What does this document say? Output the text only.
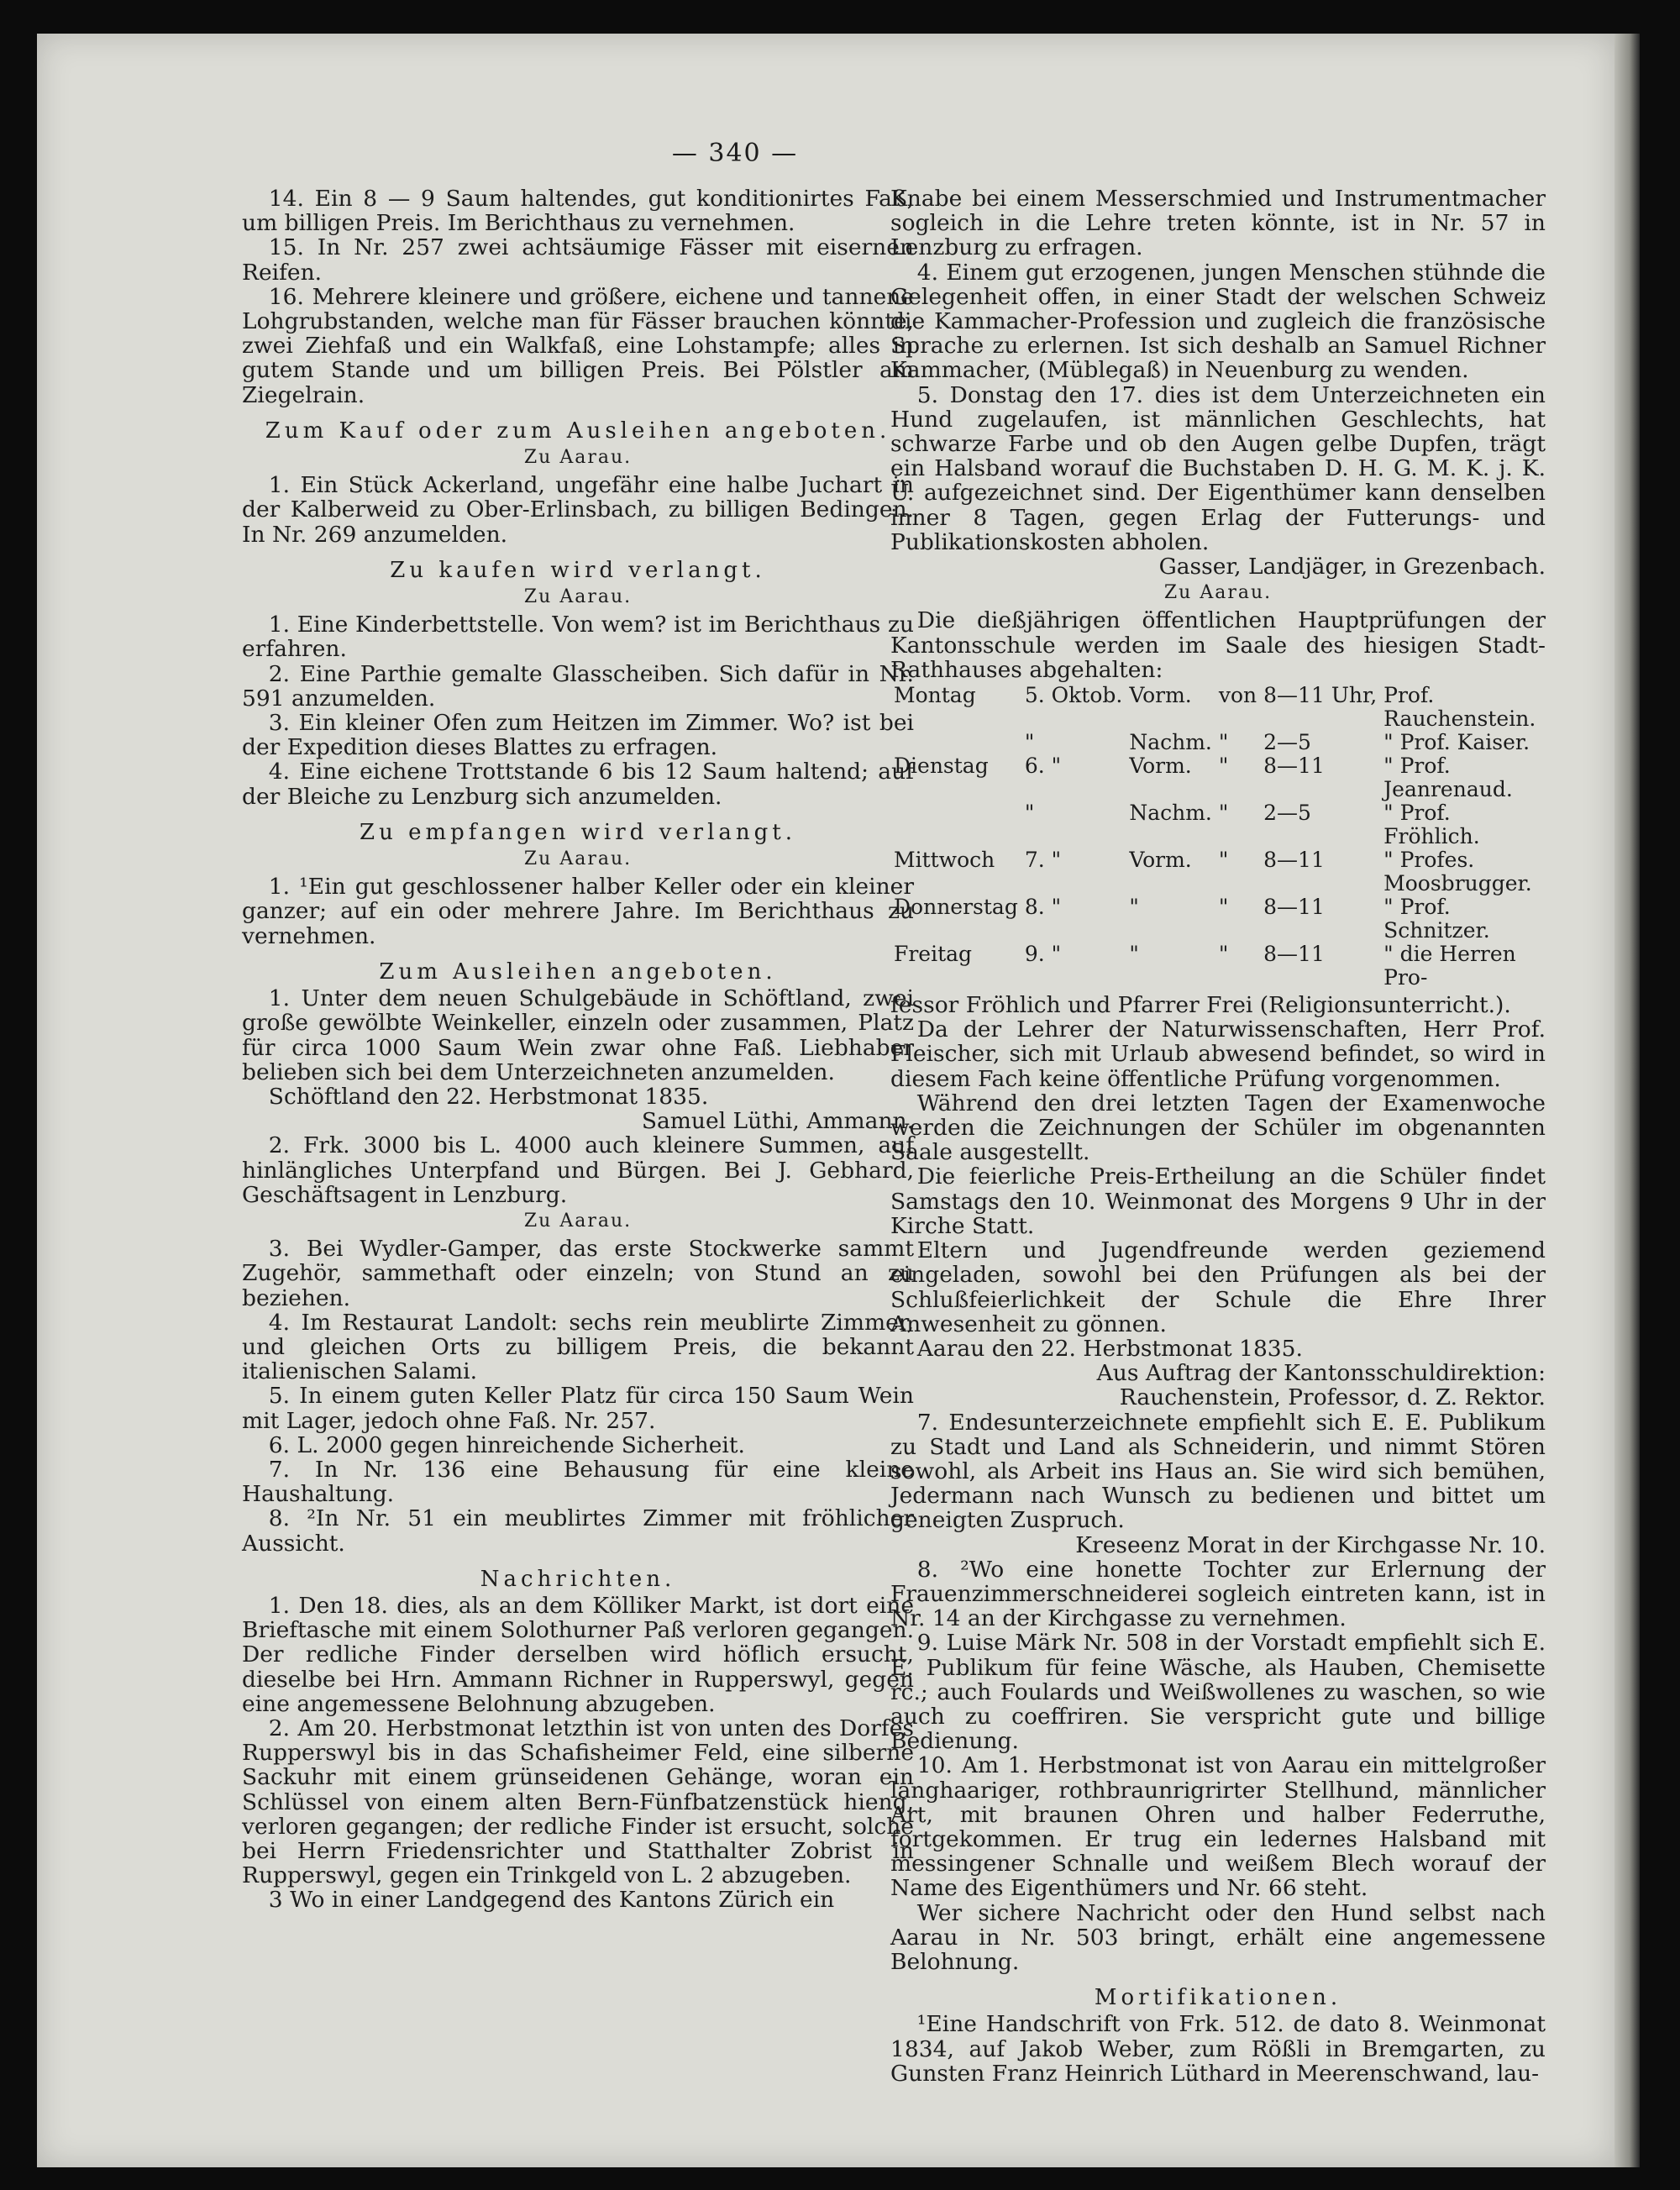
— 340 —

14. Ein 8 — 9 Saum haltendes, gut konditionirtes Faß, um billigen Preis. Im Berichthaus zu vernehmen.

15. In Nr. 257 zwei achtsäumige Fässer mit eisernen Reifen.

16. Mehrere kleinere und größere, eichene und tannene Lohgrubstanden, welche man für Fässer brauchen könnte, zwei Ziehfaß und ein Walkfaß, eine Lohstampfe; alles in gutem Stande und um billigen Preis. Bei Pölstler am Ziegelrain.

Zum Kauf oder zum Ausleihen angeboten.
Zu Aarau.

1. Ein Stück Ackerland, ungefähr eine halbe Juchart in der Kalberweid zu Ober-Erlinsbach, zu billigen Bedingen. In Nr. 269 anzumelden.

Zu kaufen wird verlangt.
Zu Aarau.

1. Eine Kinderbettstelle. Von wem? ist im Berichthaus zu erfahren.

2. Eine Parthie gemalte Glasscheiben. Sich dafür in Nr. 591 anzumelden.

3. Ein kleiner Ofen zum Heitzen im Zimmer. Wo? ist bei der Expedition dieses Blattes zu erfragen.

4. Eine eichene Trottstande 6 bis 12 Saum haltend; auf der Bleiche zu Lenzburg sich anzumelden.

Zu empfangen wird verlangt.
Zu Aarau.

1. ¹Ein gut geschlossener halber Keller oder ein kleiner ganzer; auf ein oder mehrere Jahre. Im Berichthaus zu vernehmen.

Zum Ausleihen angeboten.

1. Unter dem neuen Schulgebäude in Schöftland, zwei große gewölbte Weinkeller, einzeln oder zusammen, Platz für circa 1000 Saum Wein zwar ohne Faß. Liebhaber belieben sich bei dem Unterzeichneten anzumelden.

Schöftland den 22. Herbstmonat 1835.

Samuel Lüthi, Ammann.

2. Frk. 3000 bis L. 4000 auch kleinere Summen, auf hinlängliches Unterpfand und Bürgen. Bei J. Gebhard, Geschäftsagent in Lenzburg.

Zu Aarau.

3. Bei Wydler-Gamper, das erste Stockwerke sammt Zugehör, sammethaft oder einzeln; von Stund an zu beziehen.

4. Im Restaurat Landolt: sechs rein meublirte Zimmer, und gleichen Orts zu billigem Preis, die bekannt italienischen Salami.

5. In einem guten Keller Platz für circa 150 Saum Wein mit Lager, jedoch ohne Faß. Nr. 257.

6. L. 2000 gegen hinreichende Sicherheit.

7. In Nr. 136 eine Behausung für eine kleine Haushaltung.

8. ²In Nr. 51 ein meublirtes Zimmer mit fröhlicher Aussicht.

Nachrichten.

1. Den 18. dies, als an dem Kölliker Markt, ist dort eine Brieftasche mit einem Solothurner Paß verloren gegangen. Der redliche Finder derselben wird höflich ersucht, dieselbe bei Hrn. Ammann Richner in Rupperswyl, gegen eine angemessene Belohnung abzugeben.

2. Am 20. Herbstmonat letzthin ist von unten des Dorfes Rupperswyl bis in das Schafisheimer Feld, eine silberne Sackuhr mit einem grünseidenen Gehänge, woran ein Schlüssel von einem alten Bern-Fünfbatzenstück hieng, verloren gegangen; der redliche Finder ist ersucht, solche bei Herrn Friedensrichter und Statthalter Zobrist in Rupperswyl, gegen ein Trinkgeld von L. 2 abzugeben.

3 Wo in einer Landgegend des Kantons Zürich ein

Knabe bei einem Messerschmied und Instrumentmacher sogleich in die Lehre treten könnte, ist in Nr. 57 in Lenzburg zu erfragen.

4. Einem gut erzogenen, jungen Menschen stühnde die Gelegenheit offen, in einer Stadt der welschen Schweiz die Kammacher-Profession und zugleich die französische Sprache zu erlernen. Ist sich deshalb an Samuel Richner Kammacher, (Müblegaß) in Neuenburg zu wenden.

5. Donstag den 17. dies ist dem Unterzeichneten ein Hund zugelaufen, ist männlichen Geschlechts, hat schwarze Farbe und ob den Augen gelbe Dupfen, trägt ein Halsband worauf die Buchstaben D. H. G. M. K. j. K. Ü. aufgezeichnet sind. Der Eigenthümer kann denselben inner 8 Tagen, gegen Erlag der Futterungs- und Publikationskosten abholen.

Gasser, Landjäger, in Grezenbach.

Zu Aarau.

Die dießjährigen öffentlichen Hauptprüfungen der Kantonsschule werden im Saale des hiesigen Stadt-Rathhauses abgehalten:

Montag	5. Oktob.	Vorm.	von	8—11 Uhr,	Prof. Rauchenstein.
	"	Nachm.	"	2—5	" Prof. Kaiser.
Dienstag	6. "	Vorm.	"	8—11	" Prof. Jeanrenaud.
	"	Nachm.	"	2—5	" Prof. Fröhlich.
Mittwoch	7. "	Vorm.	"	8—11	" Profes. Moosbrugger.
Donnerstag	8. "	"	"	8—11	" Prof. Schnitzer.
Freitag	9. "	"	"	8—11	" die Herren Pro-

fessor Fröhlich und Pfarrer Frei (Religionsunterricht.).

Da der Lehrer der Naturwissenschaften, Herr Prof. Fleischer, sich mit Urlaub abwesend befindet, so wird in diesem Fach keine öffentliche Prüfung vorgenommen.

Während den drei letzten Tagen der Examenwoche werden die Zeichnungen der Schüler im obgenannten Saale ausgestellt.

Die feierliche Preis-Ertheilung an die Schüler findet Samstags den 10. Weinmonat des Morgens 9 Uhr in der Kirche Statt.

Eltern und Jugendfreunde werden geziemend eingeladen, sowohl bei den Prüfungen als bei der Schlußfeierlichkeit der Schule die Ehre Ihrer Anwesenheit zu gönnen.

Aarau den 22. Herbstmonat 1835.

Aus Auftrag der Kantonsschuldirektion:

Rauchenstein, Professor, d. Z. Rektor.

7. Endesunterzeichnete empfiehlt sich E. E. Publikum zu Stadt und Land als Schneiderin, und nimmt Stören sowohl, als Arbeit ins Haus an. Sie wird sich bemühen, Jedermann nach Wunsch zu bedienen und bittet um geneigten Zuspruch.

Kreseenz Morat in der Kirchgasse Nr. 10.

8. ²Wo eine honette Tochter zur Erlernung der Frauenzimmerschneiderei sogleich eintreten kann, ist in Nr. 14 an der Kirchgasse zu vernehmen.

9. Luise Märk Nr. 508 in der Vorstadt empfiehlt sich E. E. Publikum für feine Wäsche, als Hauben, Chemisette rc.; auch Foulards und Weißwollenes zu waschen, so wie auch zu coeffriren. Sie verspricht gute und billige Bedienung.

10. Am 1. Herbstmonat ist von Aarau ein mittelgroßer langhaariger, rothbraunrigrirter Stellhund, männlicher Art, mit braunen Ohren und halber Federruthe, fortgekommen. Er trug ein ledernes Halsband mit messingener Schnalle und weißem Blech worauf der Name des Eigenthümers und Nr. 66 steht.

Wer sichere Nachricht oder den Hund selbst nach Aarau in Nr. 503 bringt, erhält eine angemessene Belohnung.

Mortifikationen.

¹Eine Handschrift von Frk. 512. de dato 8. Weinmonat 1834, auf Jakob Weber, zum Rößli in Bremgarten, zu Gunsten Franz Heinrich Lüthard in Meerenschwand, lau-
